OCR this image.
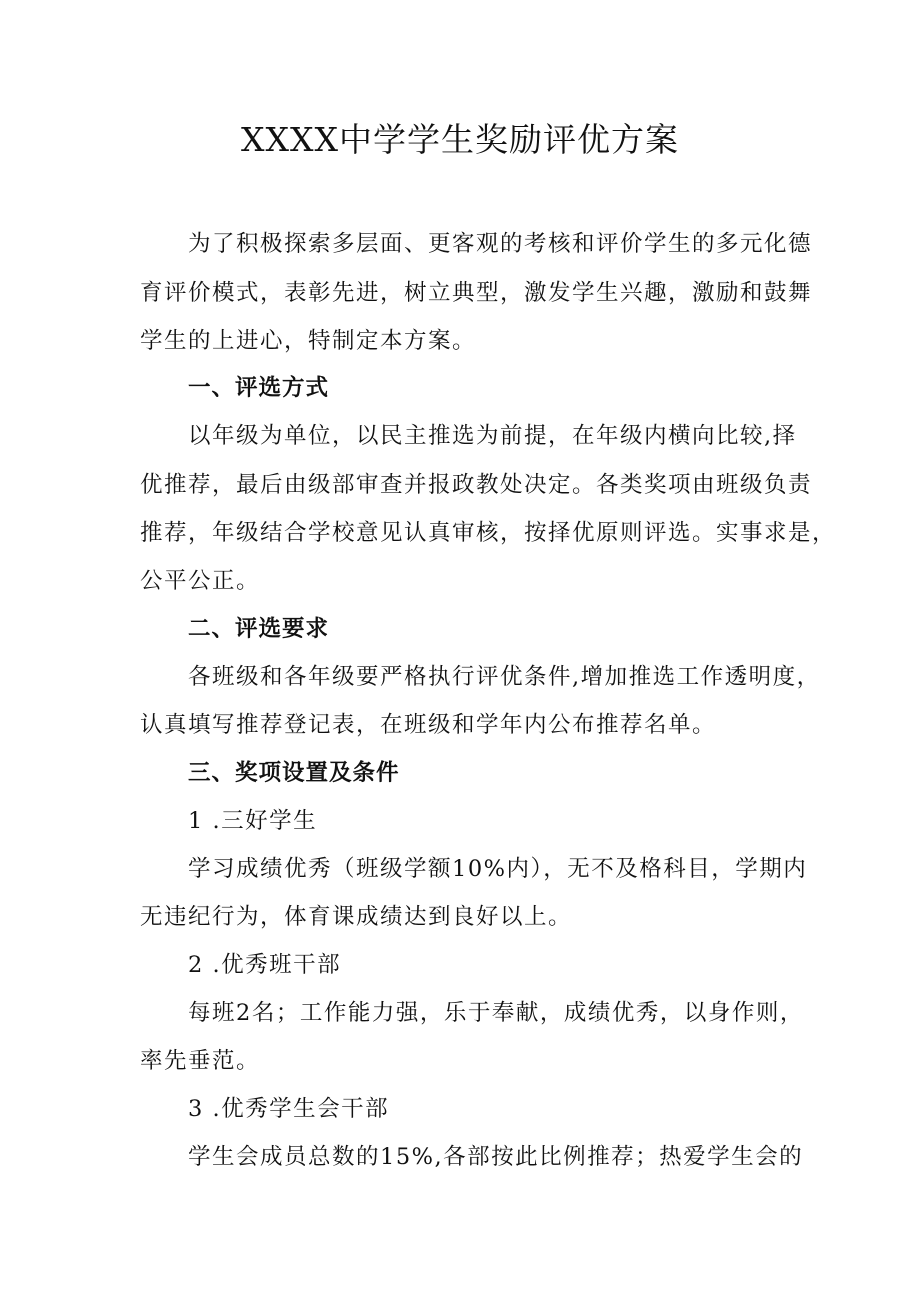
XXXX中学学生奖励评优方案
为了积极探索多层面、更客观的考核和评价学生的多元化德
育评价模式，表彰先进，树立典型，激发学生兴趣，激励和鼓舞
学生的上进心，特制定本方案。
一、评选方式
以年级为单位，以民主推选为前提，在年级内横向比较,择
优推荐，最后由级部审查并报政教处决定。各类奖项由班级负责
推荐，年级结合学校意见认真审核，按择优原则评选。实事求是，
公平公正。
二、评选要求
各班级和各年级要严格执行评优条件,增加推选工作透明度，
认真填写推荐登记表，在班级和学年内公布推荐名单。
三、奖项设置及条件
1 .三好学生
学习成绩优秀（班级学额10%内），无不及格科目，学期内
无违纪行为，体育课成绩达到良好以上。
2 .优秀班干部
每班2名；工作能力强，乐于奉献，成绩优秀，以身作则，
率先垂范。
3 .优秀学生会干部
学生会成员总数的15%,各部按此比例推荐；热爱学生会的
